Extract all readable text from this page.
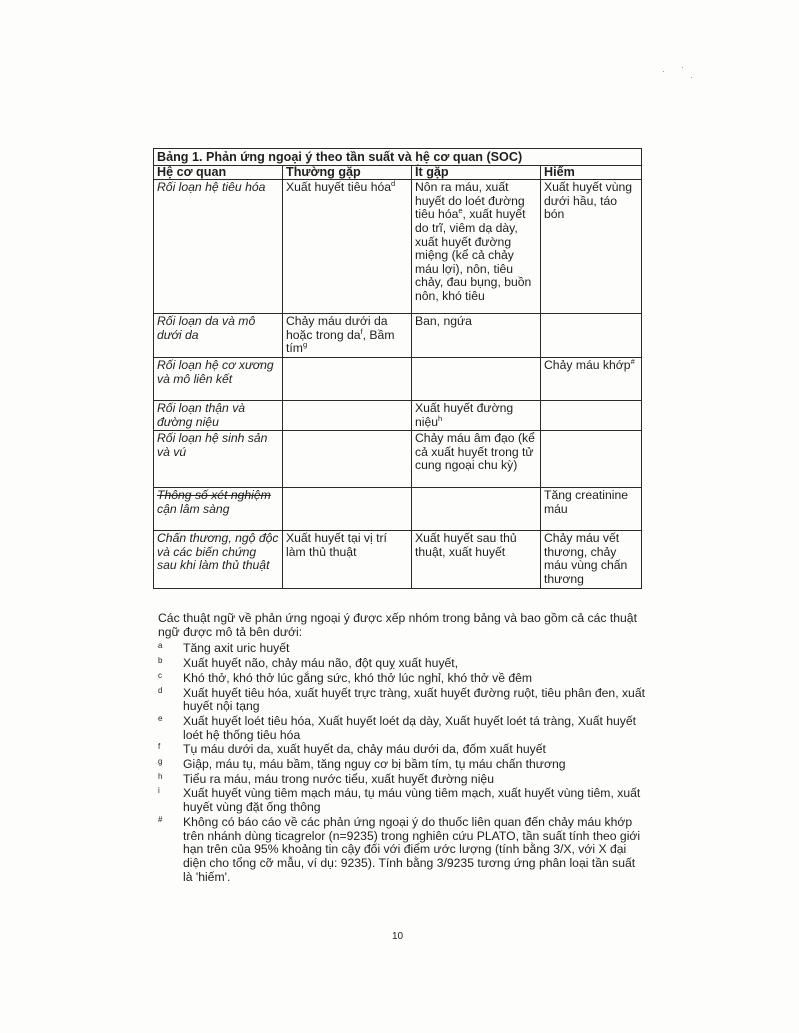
· ·
·
Bảng 1. Phản ứng ngoại ý theo tần suất và hệ cơ quan (SOC)			
Hệ cơ quan	Thường gặp	Ít gặp	Hiếm
Rối loạn hệ tiêu hóa	Xuất huyết tiêu hóa$^d$	Nôn ra máu, xuất huyết do loét đường tiêu hóa$^e$, xuất huyết do trĩ, viêm dạ dày, xuất huyết đường miệng (kể cả chảy máu lợi), nôn, tiêu chảy, đau bụng, buồn nôn, khó tiêu	Xuất huyết vùng dưới hầu, táo bón
Rối loạn da và mô dưới da	Chảy máu dưới da hoặc trong $da^f$, Bầm tím$^g$	Ban, ngứa	
Rối loạn hệ cơ xương và mô liên kết			Chảy máu khớp#
Rối loạn thận và đường niệu		Xuất huyết đường niệu$^h$	
Rối loạn hệ sinh sản và vú		Chảy máu âm đạo (kể cả xuất huyết trong tử cung ngoại chu kỳ)	
Thông số xét nghiệm cận lâm sàng			Tăng creatinine máu
Chấn thương, ngộ độc và các biến chứng sau khi làm thủ thuật	Xuất huyết tại vị trí làm thủ thuật	Xuất huyết sau thủ thuật, xuất huyết	Chảy máu vết thương, chảy máu vùng chấn thương

Các thuật ngữ về phản ứng ngoại ý được xếp nhóm trong bảng và bao gồm cả các thuật ngữ được mô tả bên dưới:

a Tăng axit uric huyết
b Xuất huyết não, chảy máu não, đột quỵ xuất huyết,
c Khó thở, khó thở lúc gắng sức, khó thở lúc nghỉ, khó thở về đêm
d Xuất huyết tiêu hóa, xuất huyết trực tràng, xuất huyết đường ruột, tiêu phân đen, xuất huyết nội tạng
e Xuất huyết loét tiêu hóa, Xuất huyết loét dạ dày, Xuất huyết loét tá tràng, Xuất huyết loét hệ thống tiêu hóa
f Tụ máu dưới da, xuất huyết da, chảy máu dưới da, đốm xuất huyết
g Giập, máu tụ, máu bầm, tăng nguy cơ bị bầm tím, tụ máu chấn thương
h Tiểu ra máu, máu trong nước tiểu, xuất huyết đường niệu
i Xuất huyết vùng tiêm mạch máu, tụ máu vùng tiêm mạch, xuất huyết vùng tiêm, xuất huyết vùng đặt ống thông
# Không có báo cáo về các phản ứng ngoại ý do thuốc liên quan đến chảy máu khớp trên nhánh dùng ticagrelor (n=9235) trong nghiên cứu PLATO, tần suất tính theo giới hạn trên của 95% khoảng tin cậy đối với điểm ước lượng (tính bằng 3/X, với X đại diện cho tổng cỡ mẫu, ví dụ: 9235). Tính bằng 3/9235 tương ứng phân loại tần suất là 'hiếm'.
10
